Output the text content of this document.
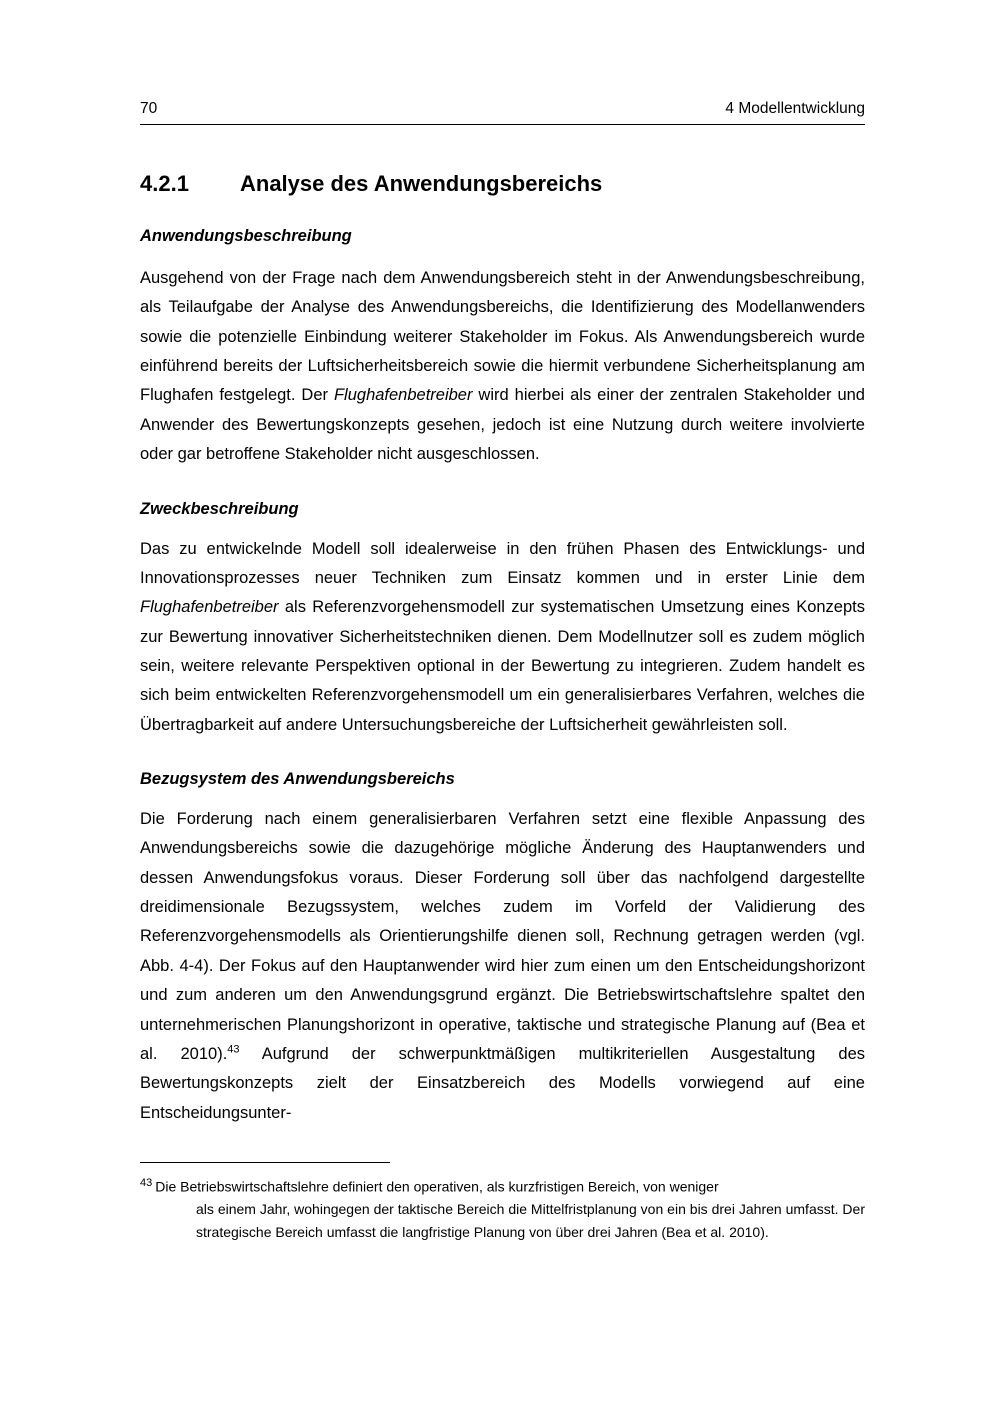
70	4 Modellentwicklung
4.2.1	Analyse des Anwendungsbereichs
Anwendungsbeschreibung

Ausgehend von der Frage nach dem Anwendungsbereich steht in der Anwendungsbeschreibung, als Teilaufgabe der Analyse des Anwendungsbereichs, die Identifizierung des Modellanwenders sowie die potenzielle Einbindung weiterer Stakeholder im Fokus. Als Anwendungsbereich wurde einführend bereits der Luftsicherheitsbereich sowie die hiermit verbundene Sicherheitsplanung am Flughafen festgelegt. Der Flughafenbetreiber wird hierbei als einer der zentralen Stakeholder und Anwender des Bewertungskonzepts gesehen, jedoch ist eine Nutzung durch weitere involvierte oder gar betroffene Stakeholder nicht ausgeschlossen.

Zweckbeschreibung

Das zu entwickelnde Modell soll idealerweise in den frühen Phasen des Entwicklungs- und Innovationsprozesses neuer Techniken zum Einsatz kommen und in erster Linie dem Flughafenbetreiber als Referenzvorgehensmodell zur systematischen Umsetzung eines Konzepts zur Bewertung innovativer Sicherheitstechniken dienen. Dem Modellnutzer soll es zudem möglich sein, weitere relevante Perspektiven optional in der Bewertung zu integrieren. Zudem handelt es sich beim entwickelten Referenzvorgehensmodell um ein generalisierbares Verfahren, welches die Übertragbarkeit auf andere Untersuchungsbereiche der Luftsicherheit gewährleisten soll.

Bezugsystem des Anwendungsbereichs

Die Forderung nach einem generalisierbaren Verfahren setzt eine flexible Anpassung des Anwendungsbereichs sowie die dazugehörige mögliche Änderung des Hauptanwenders und dessen Anwendungsfokus voraus. Dieser Forderung soll über das nachfolgend dargestellte dreidimensionale Bezugssystem, welches zudem im Vorfeld der Validierung des Referenzvorgehensmodells als Orientierungshilfe dienen soll, Rechnung getragen werden (vgl. Abb. 4-4). Der Fokus auf den Hauptanwender wird hier zum einen um den Entscheidungshorizont und zum anderen um den Anwendungsgrund ergänzt. Die Betriebswirtschaftslehre spaltet den unternehmerischen Planungshorizont in operative, taktische und strategische Planung auf (Bea et al. 2010).$^{43}$ Aufgrund der schwerpunktmäßigen multikriteriellen Ausgestaltung des Bewertungskonzepts zielt der Einsatzbereich des Modells vorwiegend auf eine Entscheidungsunter-

$^{43}$ Die Betriebswirtschaftslehre definiert den operativen, als kurzfristigen Bereich, von weniger
als einem Jahr, wohingegen der taktische Bereich die Mittelfristplanung von ein bis drei Jahren umfasst. Der strategische Bereich umfasst die langfristige Planung von über drei Jahren (Bea et al. 2010).
